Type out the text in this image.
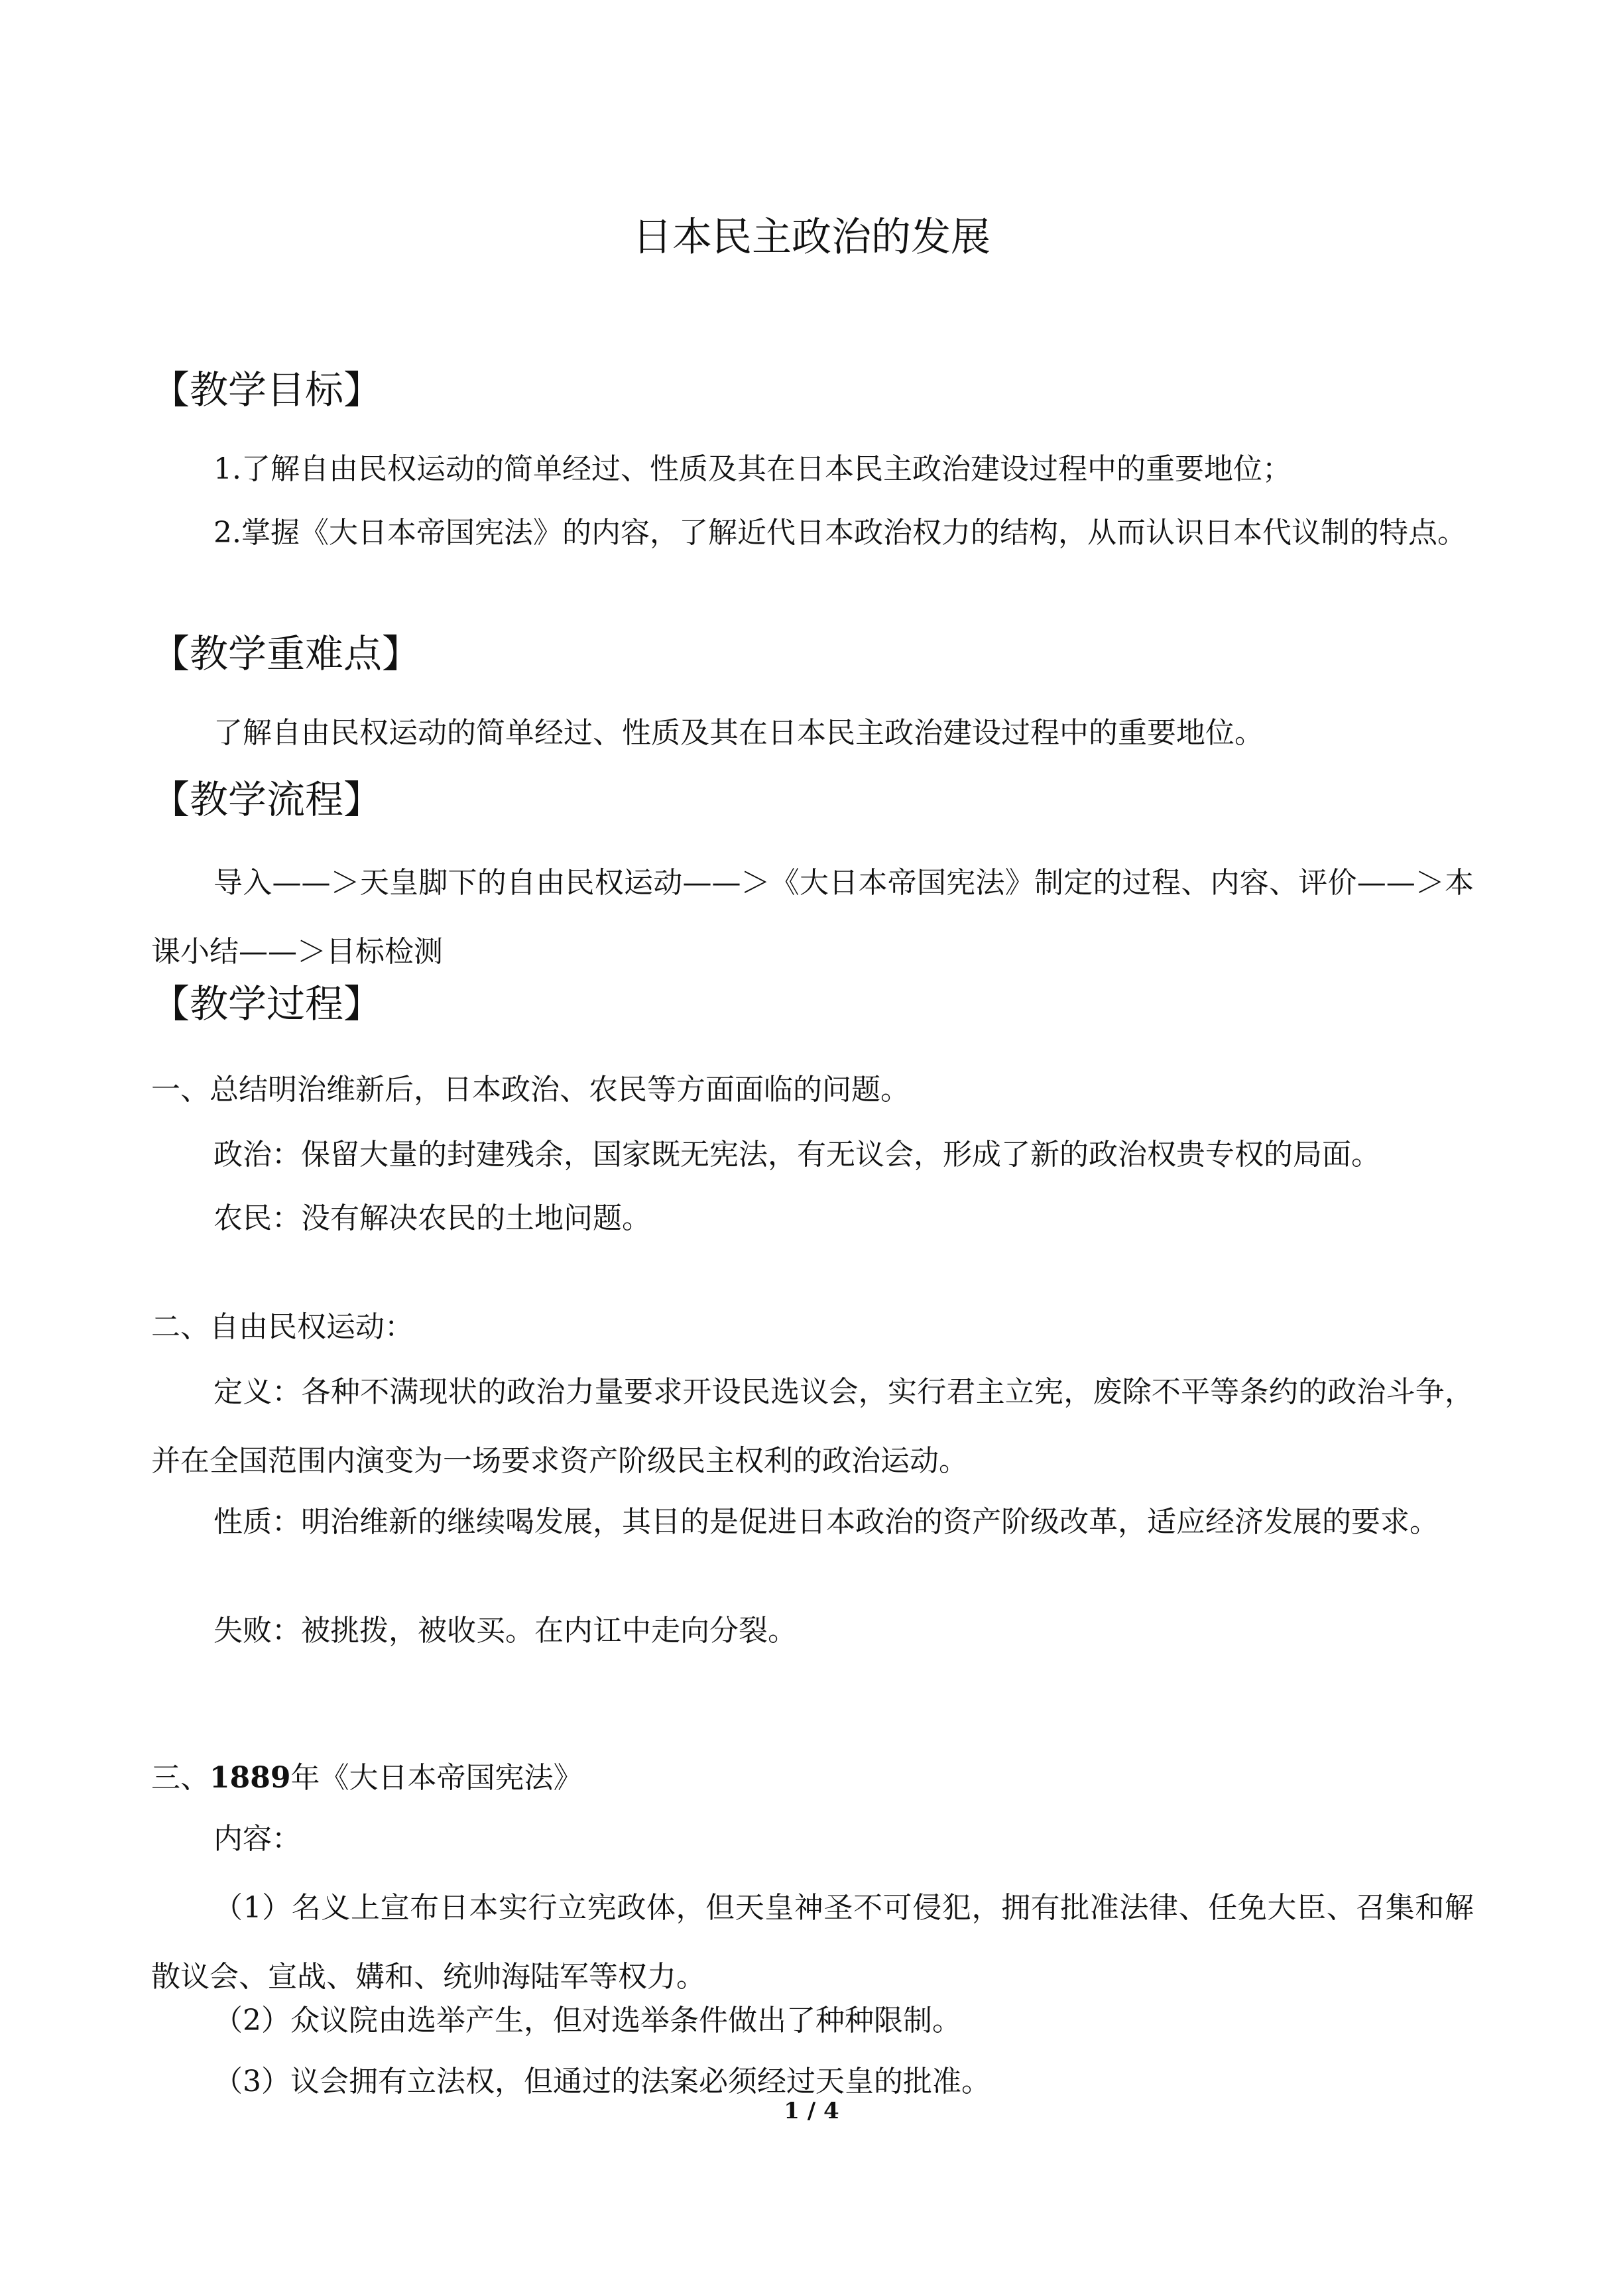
日本民主政治的发展
【教学目标】
1.了解自由民权运动的简单经过、性质及其在日本民主政治建设过程中的重要地位；
2.掌握《大日本帝国宪法》的内容，了解近代日本政治权力的结构，从而认识日本代议制的特点。
【教学重难点】
了解自由民权运动的简单经过、性质及其在日本民主政治建设过程中的重要地位。
【教学流程】
导入——＞天皇脚下的自由民权运动——＞《大日本帝国宪法》制定的过程、内容、评价——＞本课小结——＞目标检测
【教学过程】
一、总结明治维新后，日本政治、农民等方面面临的问题。
政治：保留大量的封建残余，国家既无宪法，有无议会，形成了新的政治权贵专权的局面。
农民：没有解决农民的土地问题。
二、自由民权运动：
定义：各种不满现状的政治力量要求开设民选议会，实行君主立宪，废除不平等条约的政治斗争，并在全国范围内演变为一场要求资产阶级民主权利的政治运动。
性质：明治维新的继续喝发展，其目的是促进日本政治的资产阶级改革，适应经济发展的要求。
失败：被挑拨，被收买。在内讧中走向分裂。
三、1889年《大日本帝国宪法》
内容：
（1）名义上宣布日本实行立宪政体，但天皇神圣不可侵犯，拥有批准法律、任免大臣、召集和解散议会、宣战、媾和、统帅海陆军等权力。
（2）众议院由选举产生，但对选举条件做出了种种限制。
（3）议会拥有立法权，但通过的法案必须经过天皇的批准。
1 / 4
